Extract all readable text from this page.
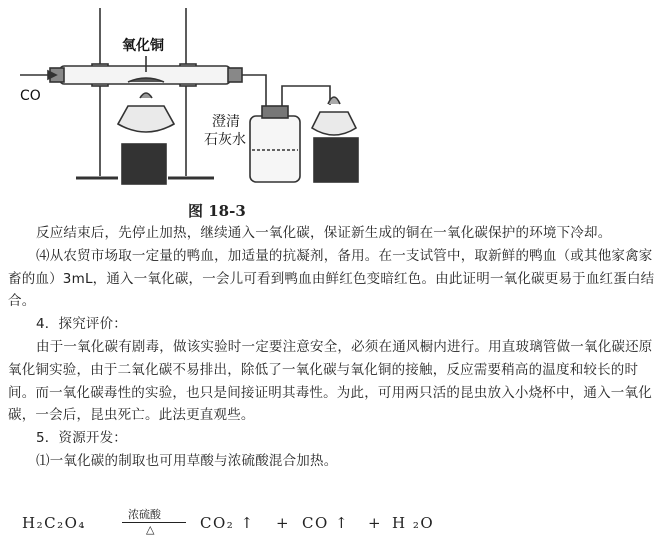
氧化铜
CO
澄清
石灰水
图 18-3

反应结束后，先停止加热，继续通入一氧化碳，保证新生成的铜在一氧化碳保护的环境下冷却。

⑷从农贸市场取一定量的鸭血，加适量的抗凝剂，备用。在一支试管中，取新鲜的鸭血（或其他家禽家畜的血）3mL，通入一氧化碳，一会儿可看到鸭血由鲜红色变暗红色。由此证明一氧化碳更易于血红蛋白结合。

4．探究评价：

由于一氧化碳有剧毒，做该实验时一定要注意安全，必须在通风橱内进行。用直玻璃管做一氧化碳还原氧化铜实验，由于二氧化碳不易排出，除低了一氧化碳与氧化铜的接触，反应需要稍高的温度和较长的时间。而一氧化碳毒性的实验，也只是间接证明其毒性。为此，可用两只活的昆虫放入小烧杯中，通入一氧化碳，一会后，昆虫死亡。此法更直观些。

5．资源开发：

⑴一氧化碳的制取也可用草酸与浓硫酸混合加热。

H₂C₂O₄	浓硫酸
△	CO₂ ↑ + CO ↑ + H ₂O
